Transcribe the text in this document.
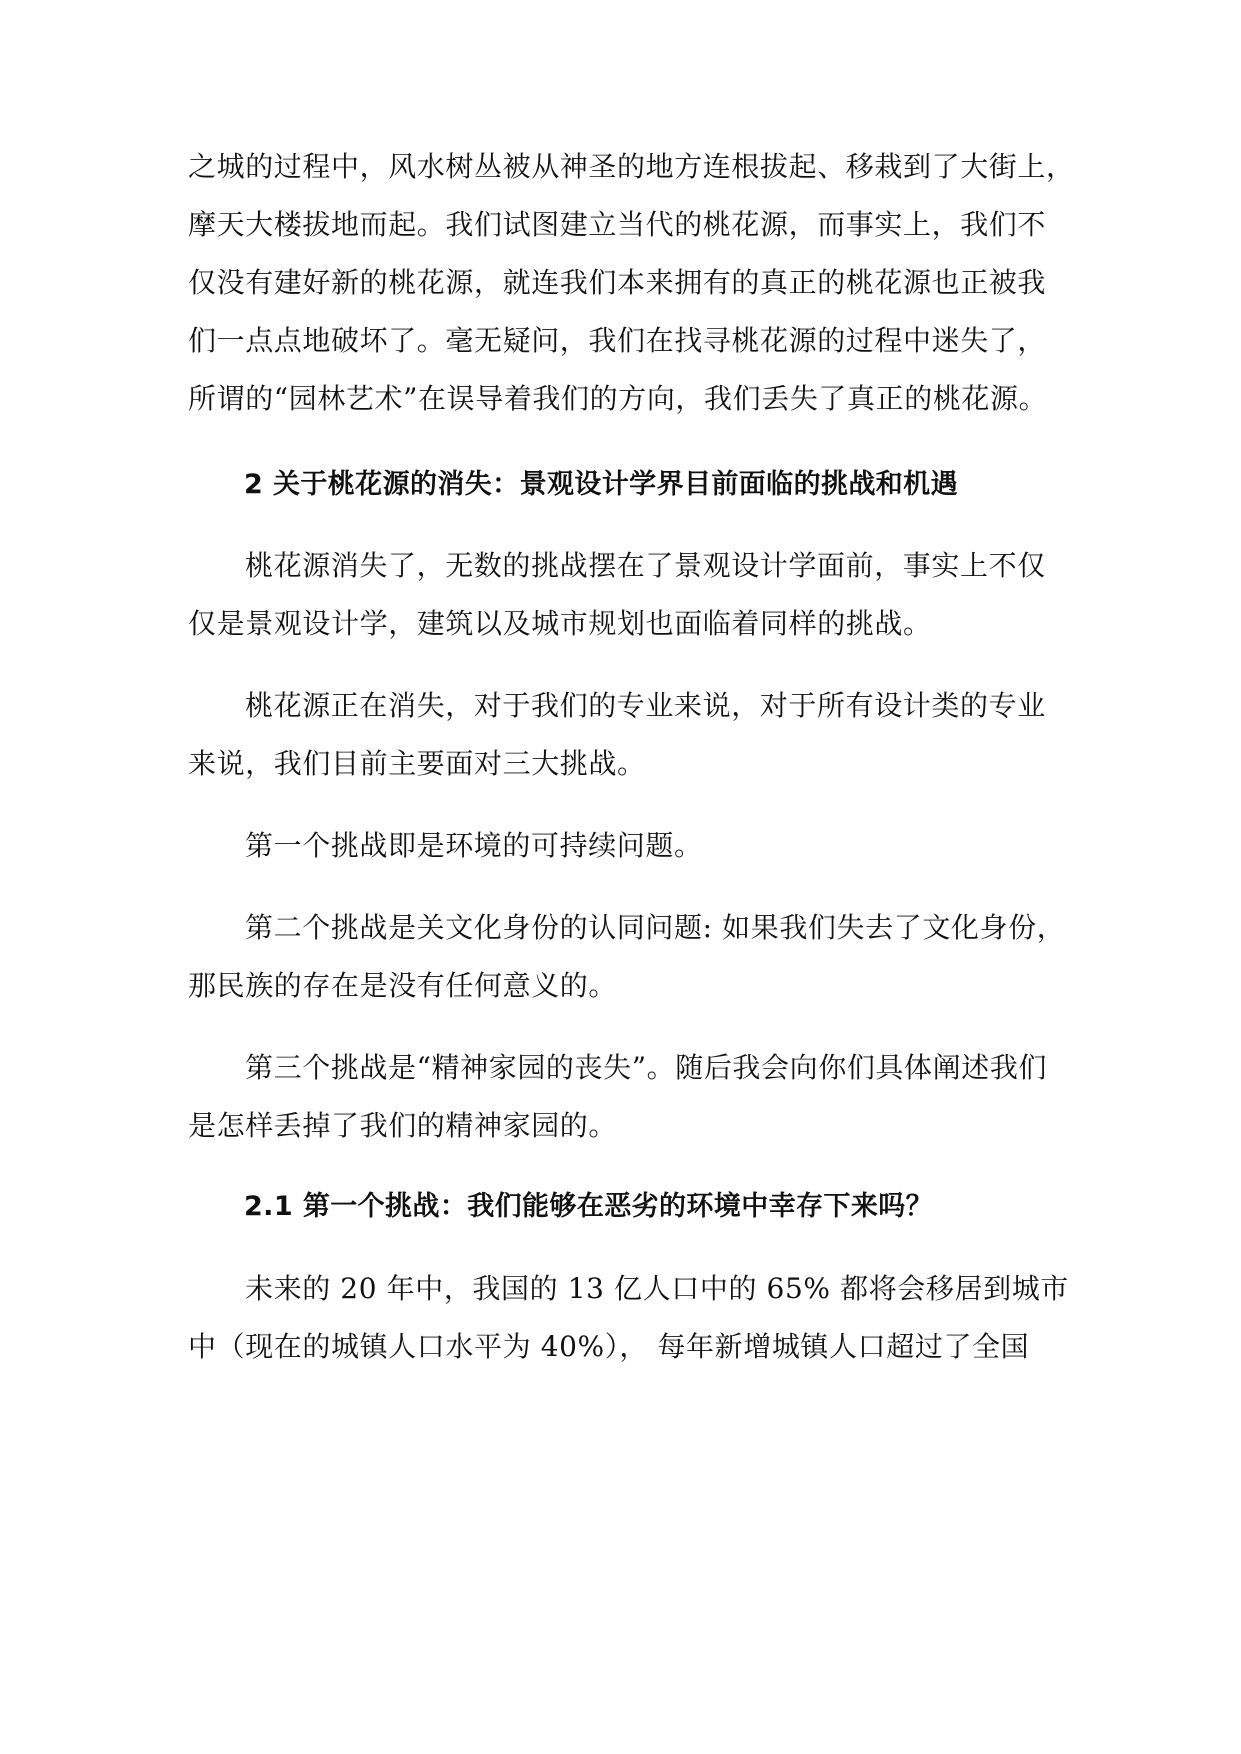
之城的过程中，风水树丛被从神圣的地方连根拔起、移栽到了大街上，
摩天大楼拔地而起。我们试图建立当代的桃花源，而事实上，我们不
仅没有建好新的桃花源，就连我们本来拥有的真正的桃花源也正被我
们一点点地破坏了。毫无疑问，我们在找寻桃花源的过程中迷失了，
所谓的“园林艺术”在误导着我们的方向，我们丢失了真正的桃花源。
2 关于桃花源的消失：景观设计学界目前面临的挑战和机遇
桃花源消失了，无数的挑战摆在了景观设计学面前，事实上不仅
仅是景观设计学，建筑以及城市规划也面临着同样的挑战。
桃花源正在消失，对于我们的专业来说，对于所有设计类的专业
来说，我们目前主要面对三大挑战。
第一个挑战即是环境的可持续问题。
第二个挑战是关文化身份的认同问题: 如果我们失去了文化身份，
那民族的存在是没有任何意义的。
第三个挑战是“精神家园的丧失”。随后我会向你们具体阐述我们
是怎样丢掉了我们的精神家园的。
2.1 第一个挑战：我们能够在恶劣的环境中幸存下来吗？
未来的 20 年中，我国的 13 亿人口中的 65% 都将会移居到城市
中（现在的城镇人口水平为 40%）， 每年新增城镇人口超过了全国
